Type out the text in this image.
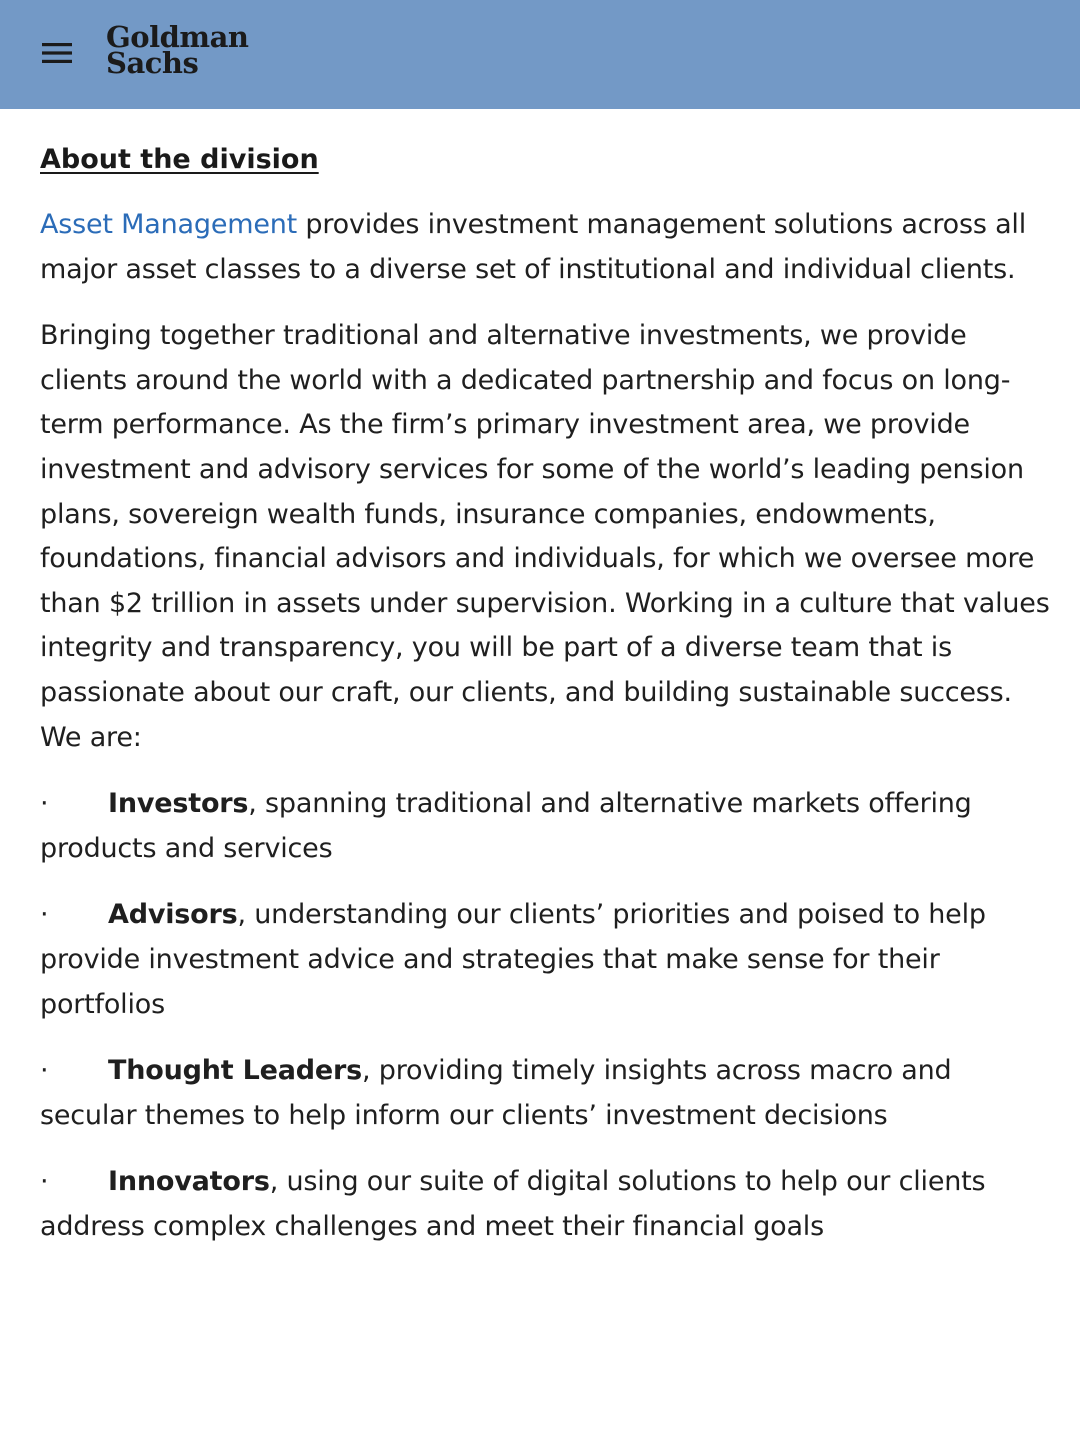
Goldman
Sachs
About the division

Asset Management provides investment management solutions across all major asset classes to a diverse set of institutional and individual clients.

Bringing together traditional and alternative investments, we provide clients around the world with a dedicated partnership and focus on long-term performance. As the firm’s primary investment area, we provide investment and advisory services for some of the world’s leading pension plans, sovereign wealth funds, insurance companies, endowments, foundations, financial advisors and individuals, for which we oversee more than $2 trillion in assets under supervision. Working in a culture that values integrity and transparency, you will be part of a diverse team that is passionate about our craft, our clients, and building sustainable success. We are:

· Investors, spanning traditional and alternative markets offering products and services

· Advisors, understanding our clients’ priorities and poised to help provide investment advice and strategies that make sense for their portfolios

· Thought Leaders, providing timely insights across macro and secular themes to help inform our clients’ investment decisions

· Innovators, using our suite of digital solutions to help our clients address complex challenges and meet their financial goals
